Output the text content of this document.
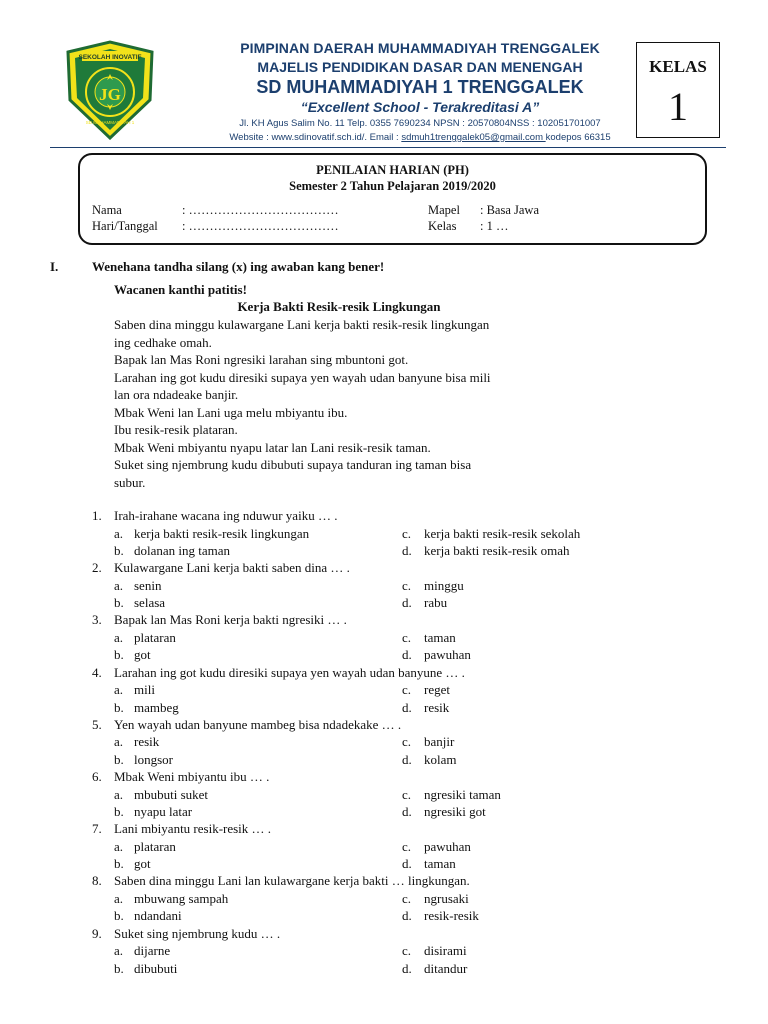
SEKOLAH INOVATIF
JG
SD MUHAMMADIYAH 1
PIMPINAN DAERAH MUHAMMADIYAH TRENGGALEK
MAJELIS PENDIDIKAN DASAR DAN MENENGAH
SD MUHAMMADIYAH 1 TRENGGALEK
“Excellent School - Terakreditasi A”
Jl. KH Agus Salim No. 11 Telp. 0355 7690234 NPSN : 20570804NSS : 102051701007
Website : www.sdinovatif.sch.id/. Email : sdmuh1trenggalek05@gmail.com kodepos 66315
KELAS
1
PENILAIAN HARIAN (PH)
Semester 2 Tahun Pelajaran 2019/2020
Nama	: ………………………………
Hari/Tanggal : ………………………………
Mapel : Basa Jawa
Kelas : 1 …
I.	Wenehana tandha silang (x) ing awaban kang bener!
Wacanen kanthi patitis!
Kerja Bakti Resik-resik Lingkungan
Saben dina minggu kulawargane Lani kerja bakti resik-resik lingkungan
ing cedhake omah.
Bapak lan Mas Roni ngresiki larahan sing mbuntoni got.
Larahan ing got kudu diresiki supaya yen wayah udan banyune bisa mili
lan ora ndadeake banjir.
Mbak Weni lan Lani uga melu mbiyantu ibu.
Ibu resik-resik plataran.
Mbak Weni mbiyantu nyapu latar lan Lani resik-resik taman.
Suket sing njembrung kudu dibubuti supaya tanduran ing taman bisa
subur.
1. Irah-irahane wacana ing nduwur yaiku … .
a. kerja bakti resik-resik lingkungan
b. dolanan ing taman
c. kerja bakti resik-resik sekolah
d. kerja bakti resik-resik omah
2. Kulawargane Lani kerja bakti saben dina … .
a. senin
b. selasa
c. minggu
d. rabu
3. Bapak lan Mas Roni kerja bakti ngresiki … .
a. plataran
b. got
c. taman
d. pawuhan
4. Larahan ing got kudu diresiki supaya yen wayah udan banyune … .
a. mili
b. mambeg
c. reget
d. resik
5. Yen wayah udan banyune mambeg bisa ndadekake … .
a. resik
b. longsor
c. banjir
d. kolam
6. Mbak Weni mbiyantu ibu … .
a. mbubuti suket
b. nyapu latar
c. ngresiki taman
d. ngresiki got
7. Lani mbiyantu resik-resik … .
a. plataran
b. got
c. pawuhan
d. taman
8. Saben dina minggu Lani lan kulawargane kerja bakti … lingkungan.
a. mbuwang sampah
b. ndandani
c. ngrusaki
d. resik-resik
9. Suket sing njembrung kudu … .
a. dijarne
b. dibubuti
c. disirami
d. ditandur
